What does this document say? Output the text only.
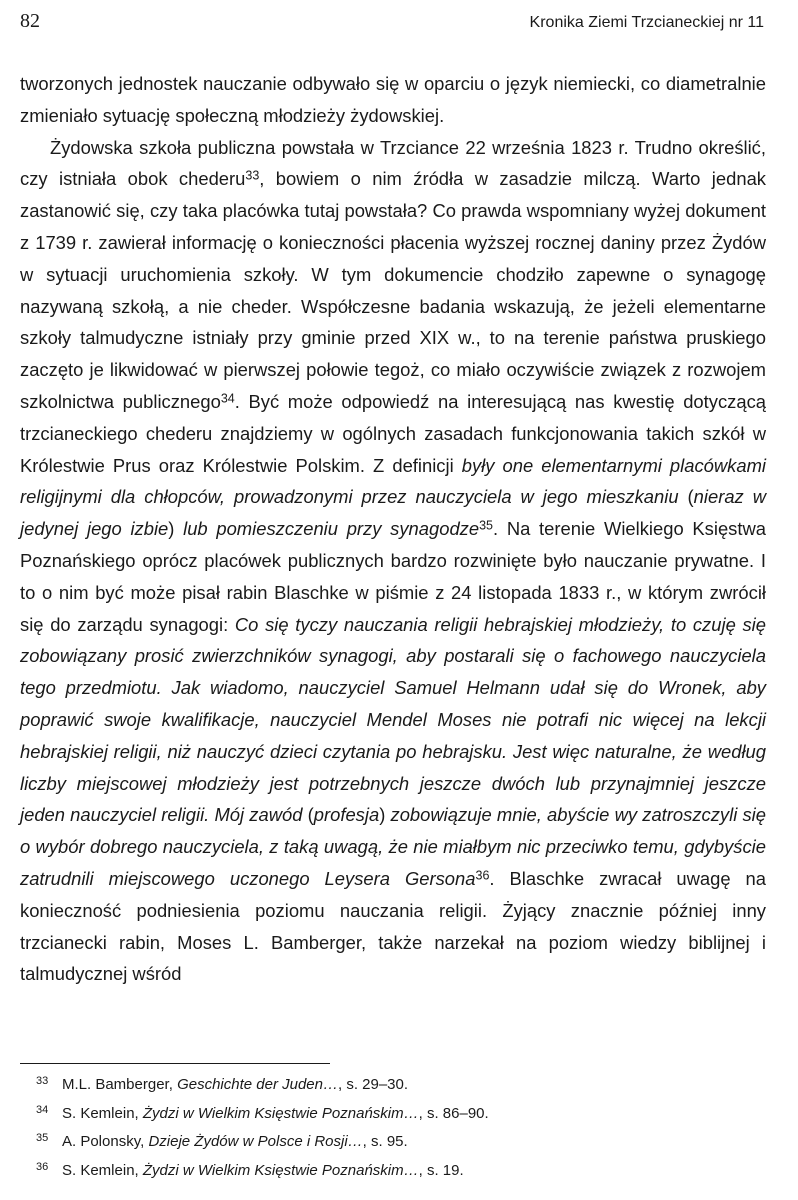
82	Kronika Ziemi Trzcianeckiej nr 11

tworzonych jednostek nauczanie odbywało się w oparciu o język niemiecki, co diametralnie zmieniało sytuację społeczną młodzieży żydowskiej.

Żydowska szkoła publiczna powstała w Trzciance 22 września 1823 r. Trudno określić, czy istniała obok chederu$^{33}$, bowiem o nim źródła w zasadzie milczą. Warto jednak zastanowić się, czy taka placówka tutaj powstała? Co prawda wspomniany wyżej dokument z 1739 r. zawierał informację o konieczności płacenia wyższej rocznej daniny przez Żydów w sytuacji uruchomienia szkoły. W tym dokumencie chodziło zapewne o synagogę nazywaną szkołą, a nie cheder. Współczesne badania wskazują, że jeżeli elementarne szkoły talmudyczne istniały przy gminie przed XIX w., to na terenie państwa pruskiego zaczęto je likwidować w pierwszej połowie tegoż, co miało oczywiście związek z rozwojem szkolnictwa publicznego$^{34}$. Być może odpowiedź na interesującą nas kwestię dotyczącą trzcianeckiego chederu znajdziemy w ogólnych zasadach funkcjonowania takich szkół w Królestwie Prus oraz Królestwie Polskim. Z definicji były one elementarnymi placówkami religijnymi dla chłopców, prowadzonymi przez nauczyciela w jego mieszkaniu (nieraz w jedynej jego izbie) lub pomieszczeniu przy synagodze$^{35}$. Na terenie Wielkiego Księstwa Poznańskiego oprócz placówek publicznych bardzo rozwinięte było nauczanie prywatne. I to o nim być może pisał rabin Blaschke w piśmie z 24 listopada 1833 r., w którym zwrócił się do zarządu synagogi: Co się tyczy nauczania religii hebrajskiej młodzieży, to czuję się zobowiązany prosić zwierzchników synagogi, aby postarali się o fachowego nauczyciela tego przedmiotu. Jak wiadomo, nauczyciel Samuel Helmann udał się do Wronek, aby poprawić swoje kwalifikacje, nauczyciel Mendel Moses nie potrafi nic więcej na lekcji hebrajskiej religii, niż nauczyć dzieci czytania po hebrajsku. Jest więc naturalne, że według liczby miejscowej młodzieży jest potrzebnych jeszcze dwóch lub przynajmniej jeszcze jeden nauczyciel religii. Mój zawód (profesja) zobowiązuje mnie, abyście wy zatroszczyli się o wybór dobrego nauczyciela, z taką uwagą, że nie miałbym nic przeciwko temu, gdybyście zatrudnili miejscowego uczonego Leysera Gersona$^{36}$. Blaschke zwracał uwagę na konieczność podniesienia poziomu nauczania religii. Żyjący znacznie później inny trzcianecki rabin, Moses L. Bamberger, także narzekał na poziom wiedzy biblijnej i talmudycznej wśród

33 M.L. Bamberger, Geschichte der Juden…, s. 29–30.
34 S. Kemlein, Żydzi w Wielkim Księstwie Poznańskim…, s. 86–90.
35 A. Polonsky, Dzieje Żydów w Polsce i Rosji…, s. 95.
36 S. Kemlein, Żydzi w Wielkim Księstwie Poznańskim…, s. 19.
